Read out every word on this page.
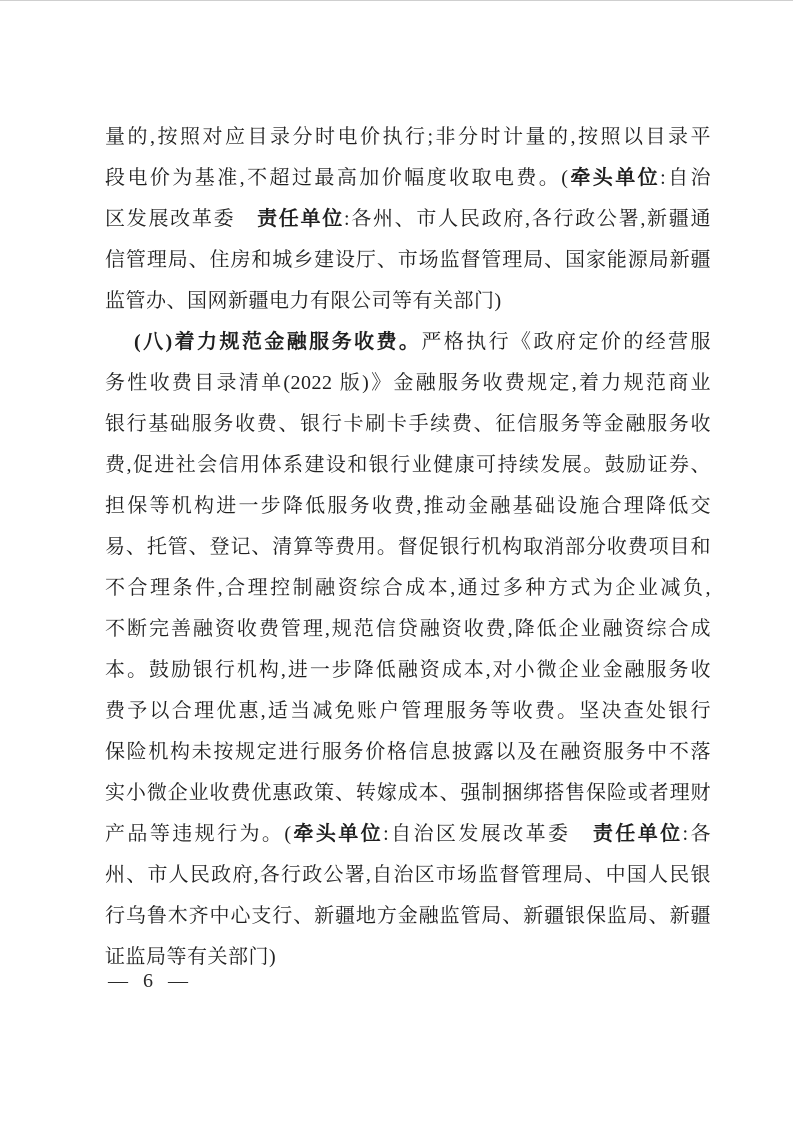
量的,按照对应目录分时电价执行;非分时计量的,按照以目录平
段电价为基准,不超过最高加价幅度收取电费。(牵头单位:自治
区发展改革委　责任单位:各州、市人民政府,各行政公署,新疆通
信管理局、住房和城乡建设厅、市场监督管理局、国家能源局新疆
监管办、国网新疆电力有限公司等有关部门)
(八)着力规范金融服务收费。严格执行《政府定价的经营服
务性收费目录清单(2022 版)》金融服务收费规定,着力规范商业
银行基础服务收费、银行卡刷卡手续费、征信服务等金融服务收
费,促进社会信用体系建设和银行业健康可持续发展。鼓励证券、
担保等机构进一步降低服务收费,推动金融基础设施合理降低交
易、托管、登记、清算等费用。督促银行机构取消部分收费项目和
不合理条件,合理控制融资综合成本,通过多种方式为企业减负,
不断完善融资收费管理,规范信贷融资收费,降低企业融资综合成
本。鼓励银行机构,进一步降低融资成本,对小微企业金融服务收
费予以合理优惠,适当减免账户管理服务等收费。坚决查处银行
保险机构未按规定进行服务价格信息披露以及在融资服务中不落
实小微企业收费优惠政策、转嫁成本、强制捆绑搭售保险或者理财
产品等违规行为。(牵头单位:自治区发展改革委　责任单位:各
州、市人民政府,各行政公署,自治区市场监督管理局、中国人民银
行乌鲁木齐中心支行、新疆地方金融监管局、新疆银保监局、新疆
证监局等有关部门)
— 6 —
